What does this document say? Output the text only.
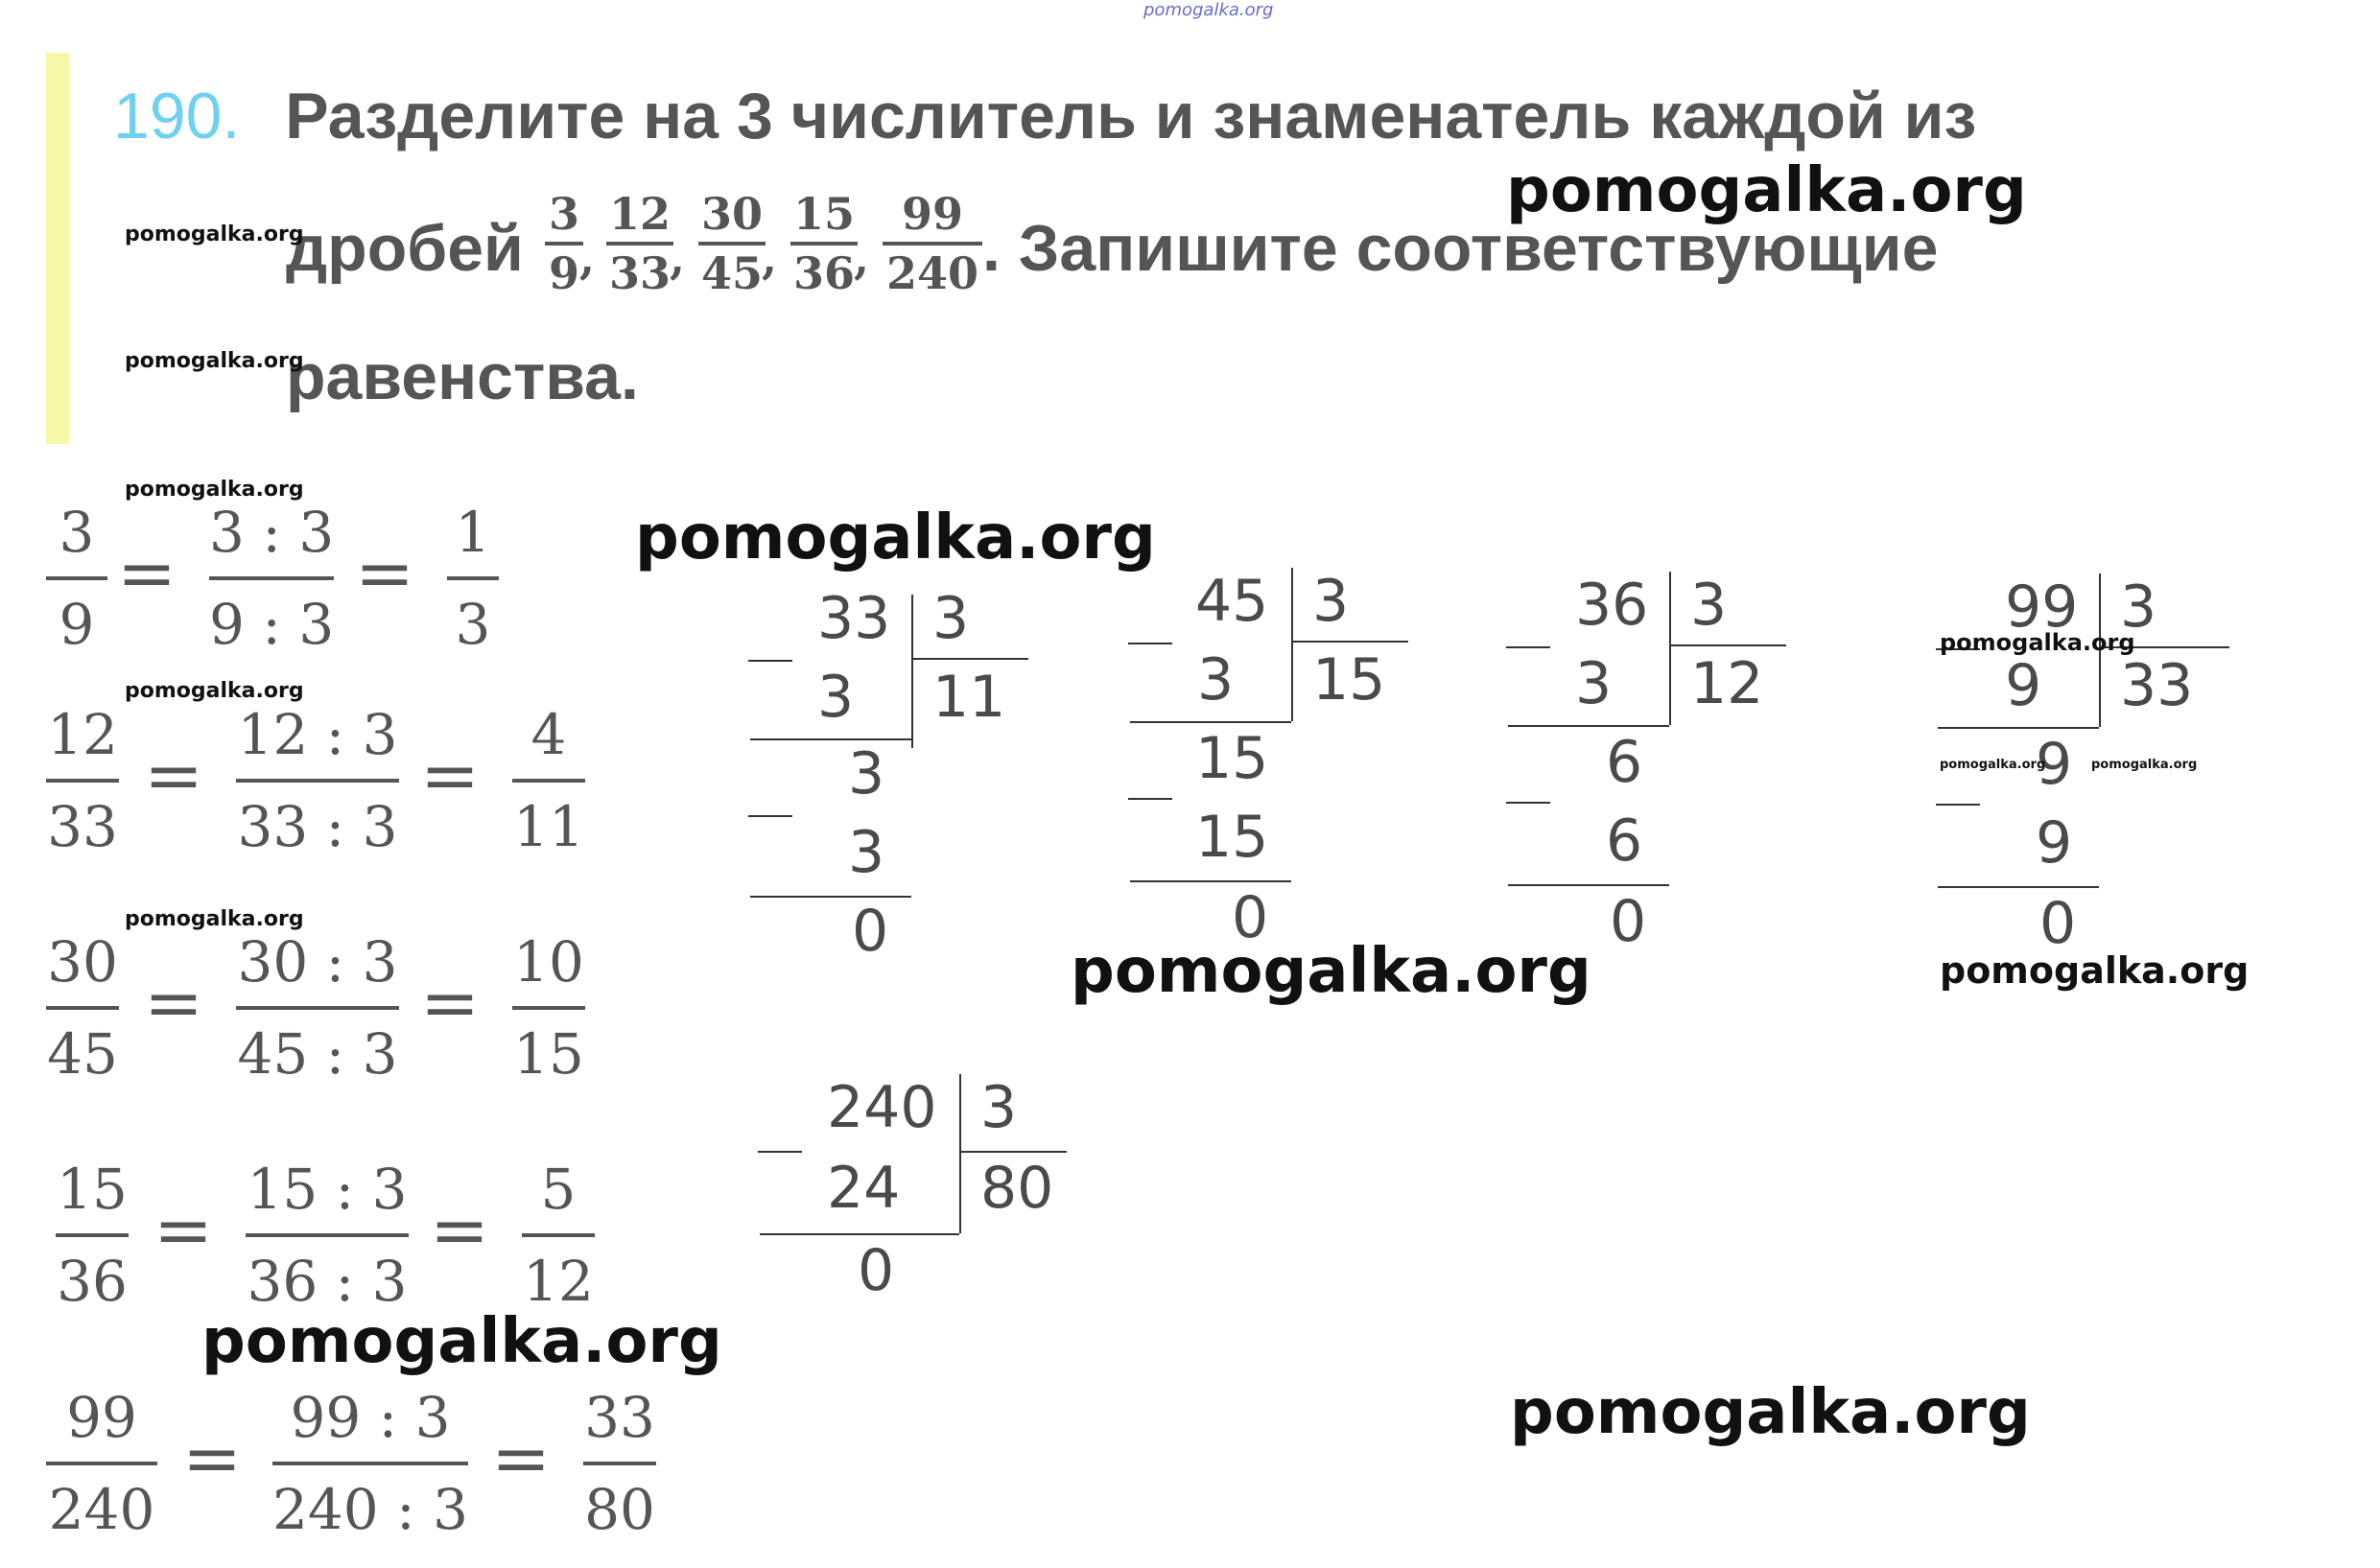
pomogalka.org
190. Разделите на 3 числитель и знаменатель каждой из
дробей 3
9 ,
12
33 ,
30
45 ,
15
36 ,
99
240 . Запишите соответствующие
равенства.
pomogalka.org
pomogalka.org
pomogalka.org
3
9
= 3 : 3
9 : 3
= 1
3
12
33
= 12 : 3
33 : 3
= 4
11
30
45
= 30 : 3
45 : 3
= 10
15
15
36
= 15 : 3
36 : 3
= 5
12
99
240
= 99 : 3
240 : 3
= 33
80
pomogalka.org
pomogalka.org
pomogalka.org
pomogalka.org
pomogalka.org
33 3
3 11
3
3
0
45 3
3 15
15
15
0
36 3
3 12
6
6
0
99 3
9 33
9
9
0
240 3
24 80
0
pomogalka.org	pomogalka.org
pomogalka.org
pomogalka.org	pomogalka.org
pomogalka.org
